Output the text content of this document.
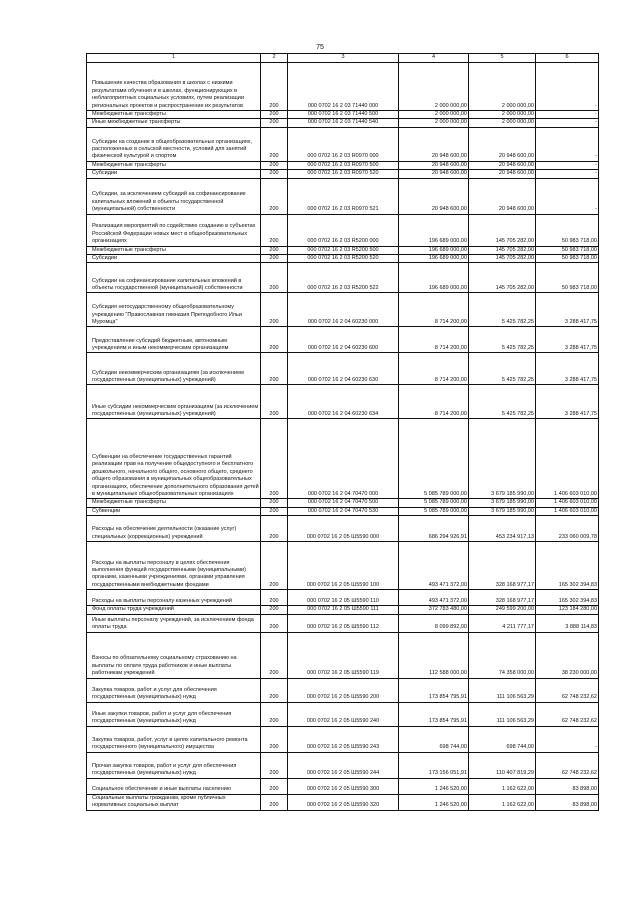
75
1	2	3	4	5	6
Повышение качества образования в школах с низкими результатами обучения и в школах, функционирующих в неблагоприятных социальных условиях, путем реализации региональных проектов и распространение их результатов	200	000 0702 16 2 03 71440 000	2 000 000,00	2 000 000,00	-
Межбюджетные трансферты	200	000 0702 16 2 03 71440 500	2 000 000,00	2 000 000,00	-
Иные межбюджетные трансферты	200	000 0702 16 2 03 71440 540	2 000 000,00	2 000 000,00	-
Субсидии на создание в общеобразовательных организациях, расположенных в сельской местности, условий для занятий физической культурой и спортом	200	000 0702 16 2 03 R0970 000	20 948 600,00	20 948 600,00	-
Межбюджетные трансферты	200	000 0702 16 2 03 R0970 500	20 948 600,00	20 948 600,00	-
Субсидии	200	000 0702 16 2 03 R0970 520	20 948 600,00	20 948 600,00	-
Субсидии, за исключением субсидий на софинансирование капитальных вложений в объекты государственной (муниципальной) собственности	200	000 0702 16 2 03 R0970 521	20 948 600,00	20 948 600,00	-
Реализация мероприятий по содействию созданию в субъектах Российской Федерации новых мест в общеобразовательных организациях	200	000 0702 16 2 03 R5200 000	196 689 000,00	145 705 282,00	50 983 718,00
Межбюджетные трансферты	200	000 0702 16 2 03 R5200 500	196 689 000,00	145 705 282,00	50 983 718,00
Субсидии	200	000 0702 16 2 03 R5200 520	196 689 000,00	145 705 282,00	50 983 718,00
Субсидии на софинансирование капитальных вложений в объекты государственной (муниципальной) собственности	200	000 0702 16 2 03 R5200 522	196 689 000,00	145 705 282,00	50 983 718,00
Субсидия негосударственному общеобразовательному учреждению "Православная гимназия Преподобного Ильи Муромца"	200	000 0702 16 2 04 60230 000	8 714 200,00	5 425 782,25	3 288 417,75
Предоставление субсидий бюджетным, автономным учреждениям и иным некоммерческим организациям	200	000 0702 16 2 04 60230 600	8 714 200,00	5 425 782,25	3 288 417,75
Субсидии некоммерческим организациям (за исключением государственных (муниципальных) учреждений)	200	000 0702 16 2 04 60230 630	8 714 200,00	5 425 782,25	3 288 417,75
Иные субсидии некоммерческим организациям (за исключением государственных (муниципальных) учреждений)	200	000 0702 16 2 04 60230 634	8 714 200,00	5 425 782,25	3 288 417,75
Субвенции на обеспечение государственных гарантий реализации прав на получение общедоступного и бесплатного дошкольного, начального общего, основного общего, среднего общего образования в муниципальных общеобразовательных организациях, обеспечение дополнительного образования детей в муниципальных общеобразовательных организациях	200	000 0702 16 2 04 70470 000	5 085 789 000,00	3 679 185 990,00	1 406 603 010,00
Межбюджетные трансферты	200	000 0702 16 2 04 70470 500	5 085 789 000,00	3 679 185 990,00	1 406 603 010,00
Субвенции	200	000 0702 16 2 04 70470 530	5 085 789 000,00	3 679 185 990,00	1 406 603 010,00
Расходы на обеспечение деятельности (оказание услуг) специальных (коррекционных) учреждений	200	000 0702 16 2 05 Ш5590 000	686 294 926,91	453 234 917,13	233 060 009,78
Расходы на выплаты персоналу в целях обеспечения выполнения функций государственными (муниципальными) органами, казенными учреждениями, органами управления государственными внебюджетными фондами	200	000 0702 16 2 05 Ш5590 100	493 471 372,00	328 168 977,17	165 302 394,83
Расходы на выплаты персоналу казенных учреждений	200	000 0702 16 2 05 Ш5590 110	493 471 372,00	328 168 977,17	165 302 394,83
Фонд оплаты труда учреждений	200	000 0702 16 2 05 Ш5590 111	372 783 480,00	249 599 200,00	123 184 280,00
Иные выплаты персоналу учреждений, за исключением фонда оплаты труда	200	000 0702 16 2 05 Ш5590 112	8 099 892,00	4 211 777,17	3 888 114,83
Взносы по обязательному социальному страхованию на выплаты по оплате труда работников и иные выплаты работникам учреждений	200	000 0702 16 2 05 Ш5590 119	112 588 000,00	74 358 000,00	38 230 000,00
Закупка товаров, работ и услуг для обеспечения государственных (муниципальных) нужд	200	000 0702 16 2 05 Ш5590 200	173 854 795,91	111 106 563,29	62 748 232,62
Иные закупки товаров, работ и услуг для обеспечения государственных (муниципальных) нужд	200	000 0702 16 2 05 Ш5590 240	173 854 795,91	111 106 563,29	62 748 232,62
Закупка товаров, работ, услуг в целях капитального ремонта государственного (муниципального) имущества	200	000 0702 16 2 05 Ш5590 243	698 744,00	698 744,00	-
Прочая закупка товаров, работ и услуг для обеспечения государственных (муниципальных) нужд	200	000 0702 16 2 05 Ш5590 244	173 156 051,91	110 407 819,29	62 748 232,62
Социальное обеспечение и иные выплаты населению	200	000 0702 16 2 05 Ш5590 300	1 246 520,00	1 162 622,00	83 898,00
Социальные выплаты гражданам, кроме публичных нормативных социальных выплат	200	000 0702 16 2 05 Ш5590 320	1 246 520,00	1 162 622,00	83 898,00
